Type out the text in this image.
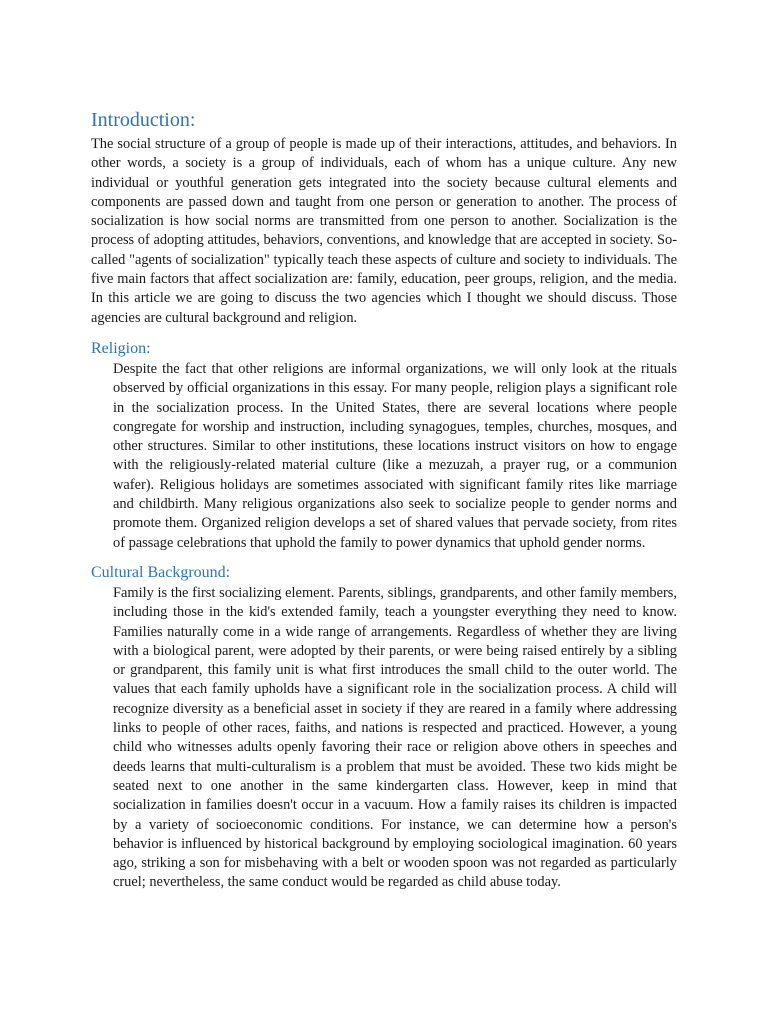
Introduction:

The social structure of a group of people is made up of their interactions, attitudes, and behaviors. In other words, a society is a group of individuals, each of whom has a unique culture. Any new individual or youthful generation gets integrated into the society because cultural elements and components are passed down and taught from one person or generation to another. The process of socialization is how social norms are transmitted from one person to another. Socialization is the process of adopting attitudes, behaviors, conventions, and knowledge that are accepted in society. So-called "agents of socialization" typically teach these aspects of culture and society to individuals. The five main factors that affect socialization are: family, education, peer groups, religion, and the media. In this article we are going to discuss the two agencies which I thought we should discuss. Those agencies are cultural background and religion.

Religion:

Despite the fact that other religions are informal organizations, we will only look at the rituals observed by official organizations in this essay. For many people, religion plays a significant role in the socialization process. In the United States, there are several locations where people congregate for worship and instruction, including synagogues, temples, churches, mosques, and other structures. Similar to other institutions, these locations instruct visitors on how to engage with the religiously-related material culture (like a mezuzah, a prayer rug, or a communion wafer). Religious holidays are sometimes associated with significant family rites like marriage and childbirth. Many religious organizations also seek to socialize people to gender norms and promote them. Organized religion develops a set of shared values that pervade society, from rites of passage celebrations that uphold the family to power dynamics that uphold gender norms.

Cultural Background:

Family is the first socializing element. Parents, siblings, grandparents, and other family members, including those in the kid's extended family, teach a youngster everything they need to know. Families naturally come in a wide range of arrangements. Regardless of whether they are living with a biological parent, were adopted by their parents, or were being raised entirely by a sibling or grandparent, this family unit is what first introduces the small child to the outer world. The values that each family upholds have a significant role in the socialization process. A child will recognize diversity as a beneficial asset in society if they are reared in a family where addressing links to people of other races, faiths, and nations is respected and practiced. However, a young child who witnesses adults openly favoring their race or religion above others in speeches and deeds learns that multi-culturalism is a problem that must be avoided. These two kids might be seated next to one another in the same kindergarten class. However, keep in mind that socialization in families doesn't occur in a vacuum. How a family raises its children is impacted by a variety of socioeconomic conditions. For instance, we can determine how a person's behavior is influenced by historical background by employing sociological imagination. 60 years ago, striking a son for misbehaving with a belt or wooden spoon was not regarded as particularly cruel; nevertheless, the same conduct would be regarded as child abuse today.
